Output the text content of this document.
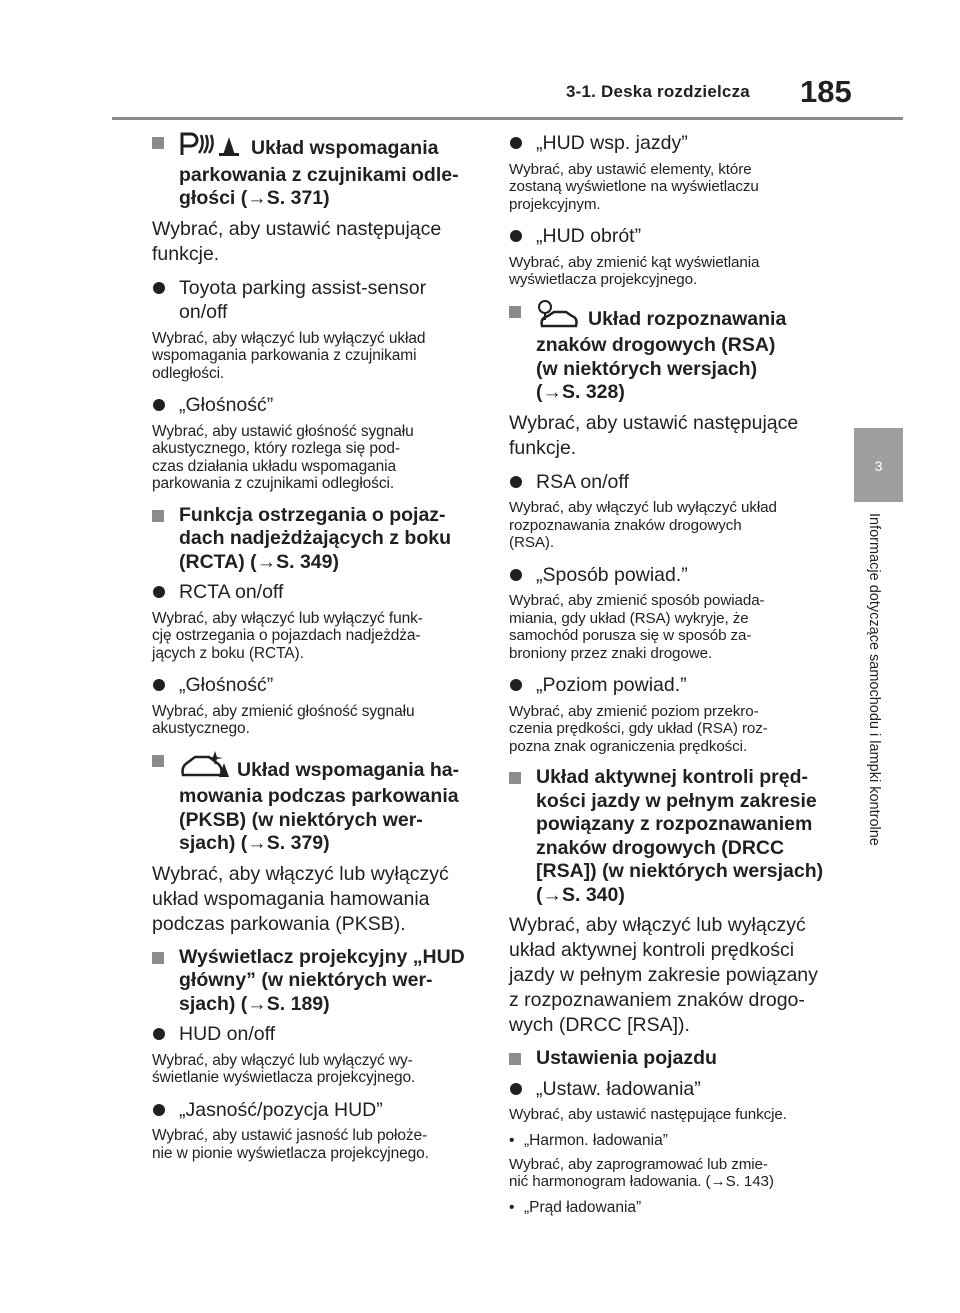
3-1. Deska rozdzielcza 185
3
Informacje dotyczące samochodu i lampki kontrolne
Układ wspomagania
parkowania z czujnikami odle-
głości (→S. 371)
Wybrać, aby ustawić następujące
funkcje.
Toyota parking assist-sensor
on/off
Wybrać, aby włączyć lub wyłączyć układ
wspomagania parkowania z czujnikami
odległości.
„Głośność”
Wybrać, aby ustawić głośność sygnału
akustycznego, który rozlega się pod-
czas działania układu wspomagania
parkowania z czujnikami odległości.
Funkcja ostrzegania o pojaz-
dach nadjeżdżających z boku
(RCTA) (→S. 349)
RCTA on/off
Wybrać, aby włączyć lub wyłączyć funk-
cję ostrzegania o pojazdach nadjeżdża-
jących z boku (RCTA).
„Głośność”
Wybrać, aby zmienić głośność sygnału
akustycznego.
Układ wspomagania ha-
mowania podczas parkowania
(PKSB) (w niektórych wer-
sjach) (→S. 379)
Wybrać, aby włączyć lub wyłączyć
układ wspomagania hamowania
podczas parkowania (PKSB).
Wyświetlacz projekcyjny „HUD
główny” (w niektórych wer-
sjach) (→S. 189)
HUD on/off
Wybrać, aby włączyć lub wyłączyć wy-
świetlanie wyświetlacza projekcyjnego.
„Jasność/pozycja HUD”
Wybrać, aby ustawić jasność lub położe-
nie w pionie wyświetlacza projekcyjnego.
„HUD wsp. jazdy”
Wybrać, aby ustawić elementy, które
zostaną wyświetlone na wyświetlaczu
projekcyjnym.
„HUD obrót”
Wybrać, aby zmienić kąt wyświetlania
wyświetlacza projekcyjnego.
Układ rozpoznawania
znaków drogowych (RSA)
(w niektórych wersjach)
(→S. 328)
Wybrać, aby ustawić następujące
funkcje.
RSA on/off
Wybrać, aby włączyć lub wyłączyć układ
rozpoznawania znaków drogowych
(RSA).
„Sposób powiad.”
Wybrać, aby zmienić sposób powiada-
miania, gdy układ (RSA) wykryje, że
samochód porusza się w sposób za-
broniony przez znaki drogowe.
„Poziom powiad.”
Wybrać, aby zmienić poziom przekro-
czenia prędkości, gdy układ (RSA) roz-
pozna znak ograniczenia prędkości.
Układ aktywnej kontroli pręd-
kości jazdy w pełnym zakresie
powiązany z rozpoznawaniem
znaków drogowych (DRCC
[RSA]) (w niektórych wersjach)
(→S. 340)
Wybrać, aby włączyć lub wyłączyć
układ aktywnej kontroli prędkości
jazdy w pełnym zakresie powiązany
z rozpoznawaniem znaków drogo-
wych (DRCC [RSA]).
Ustawienia pojazdu
„Ustaw. ładowania”
Wybrać, aby ustawić następujące funkcje.
• „Harmon. ładowania”
Wybrać, aby zaprogramować lub zmie-
nić harmonogram ładowania. (→S. 143)
• „Prąd ładowania”
